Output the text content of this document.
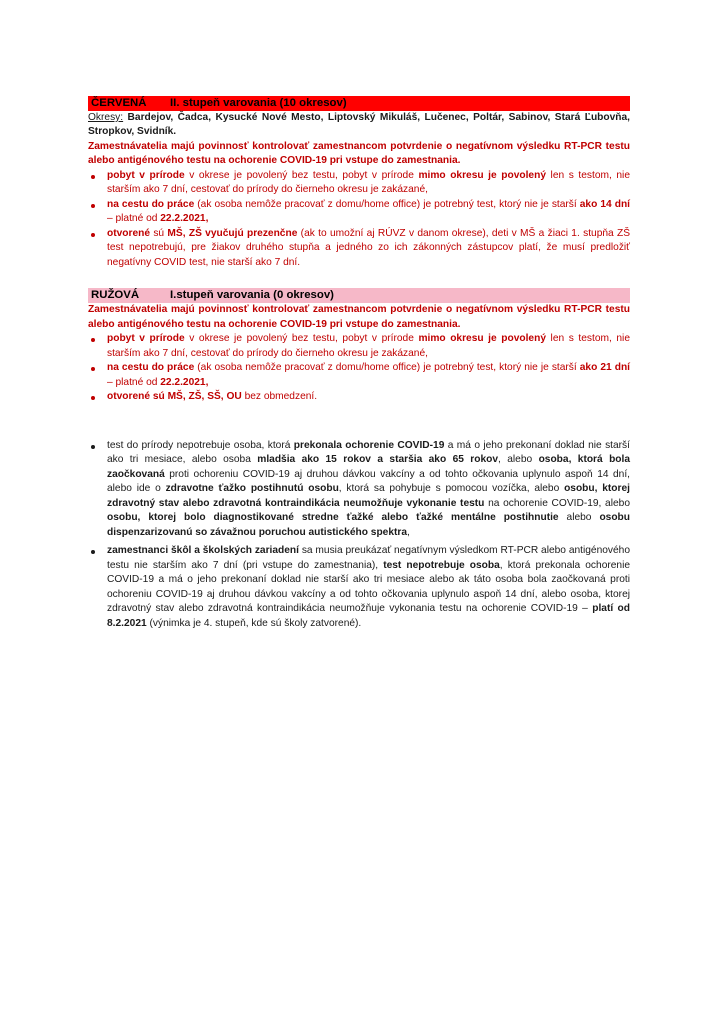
ČERVENÁ	II. stupeň varovania (10 okresov)

Okresy: Bardejov, Čadca, Kysucké Nové Mesto, Liptovský Mikuláš, Lučenec, Poltár, Sabinov, Stará Ľubovňa, Stropkov, Svidník.

Zamestnávatelia majú povinnosť kontrolovať zamestnancom potvrdenie o negatívnom výsledku RT-PCR testu alebo antigénového testu na ochorenie COVID-19 pri vstupe do zamestnania.

pobyt v prírode v okrese je povolený bez testu, pobyt v prírode mimo okresu je povolený len s testom, nie starším ako 7 dní, cestovať do prírody do čierneho okresu je zakázané,
na cestu do práce (ak osoba nemôže pracovať z domu/home office) je potrebný test, ktorý nie je starší ako 14 dní – platné od 22.2.2021,
otvorené sú MŠ, ZŠ vyučujú prezenčne (ak to umožní aj RÚVZ v danom okrese), deti v MŠ a žiaci 1. stupňa ZŠ test nepotrebujú, pre žiakov druhého stupňa a jedného zo ich zákonných zástupcov platí, že musí predložiť negatívny COVID test, nie starší ako 7 dní.
RUŽOVÁ	I.stupeň varovania (0 okresov)

Zamestnávatelia majú povinnosť kontrolovať zamestnancom potvrdenie o negatívnom výsledku RT-PCR testu alebo antigénového testu na ochorenie COVID-19 pri vstupe do zamestnania.

pobyt v prírode v okrese je povolený bez testu, pobyt v prírode mimo okresu je povolený len s testom, nie starším ako 7 dní, cestovať do prírody do čierneho okresu je zakázané,
na cestu do práce (ak osoba nemôže pracovať z domu/home office) je potrebný test, ktorý nie je starší ako 21 dní – platné od 22.2.2021,
otvorené sú MŠ, ZŠ, SŠ, OU bez obmedzení.
test do prírody nepotrebuje osoba, ktorá prekonala ochorenie COVID-19 a má o jeho prekonaní doklad nie starší ako tri mesiace, alebo osoba mladšia ako 15 rokov a staršia ako 65 rokov, alebo osoba, ktorá bola zaočkovaná proti ochoreniu COVID-19 aj druhou dávkou vakcíny a od tohto očkovania uplynulo aspoň 14 dní, alebo ide o zdravotne ťažko postihnutú osobu, ktorá sa pohybuje s pomocou vozíčka, alebo osobu, ktorej zdravotný stav alebo zdravotná kontraindikácia neumožňuje vykonanie testu na ochorenie COVID-19, alebo osobu, ktorej bolo diagnostikované stredne ťažké alebo ťažké mentálne postihnutie alebo osobu dispenzarizovanú so závažnou poruchou autistického spektra,
zamestnanci škôl a školských zariadení sa musia preukázať negatívnym výsledkom RT-PCR alebo antigénového testu nie starším ako 7 dní (pri vstupe do zamestnania), test nepotrebuje osoba, ktorá prekonala ochorenie COVID-19 a má o jeho prekonaní doklad nie starší ako tri mesiace alebo ak táto osoba bola zaočkovaná proti ochoreniu COVID-19 aj druhou dávkou vakcíny a od tohto očkovania uplynulo aspoň 14 dní, alebo osoba, ktorej zdravotný stav alebo zdravotná kontraindikácia neumožňuje vykonania testu na ochorenie COVID-19 – platí od 8.2.2021 (výnimka je 4. stupeň, kde sú školy zatvorené).
